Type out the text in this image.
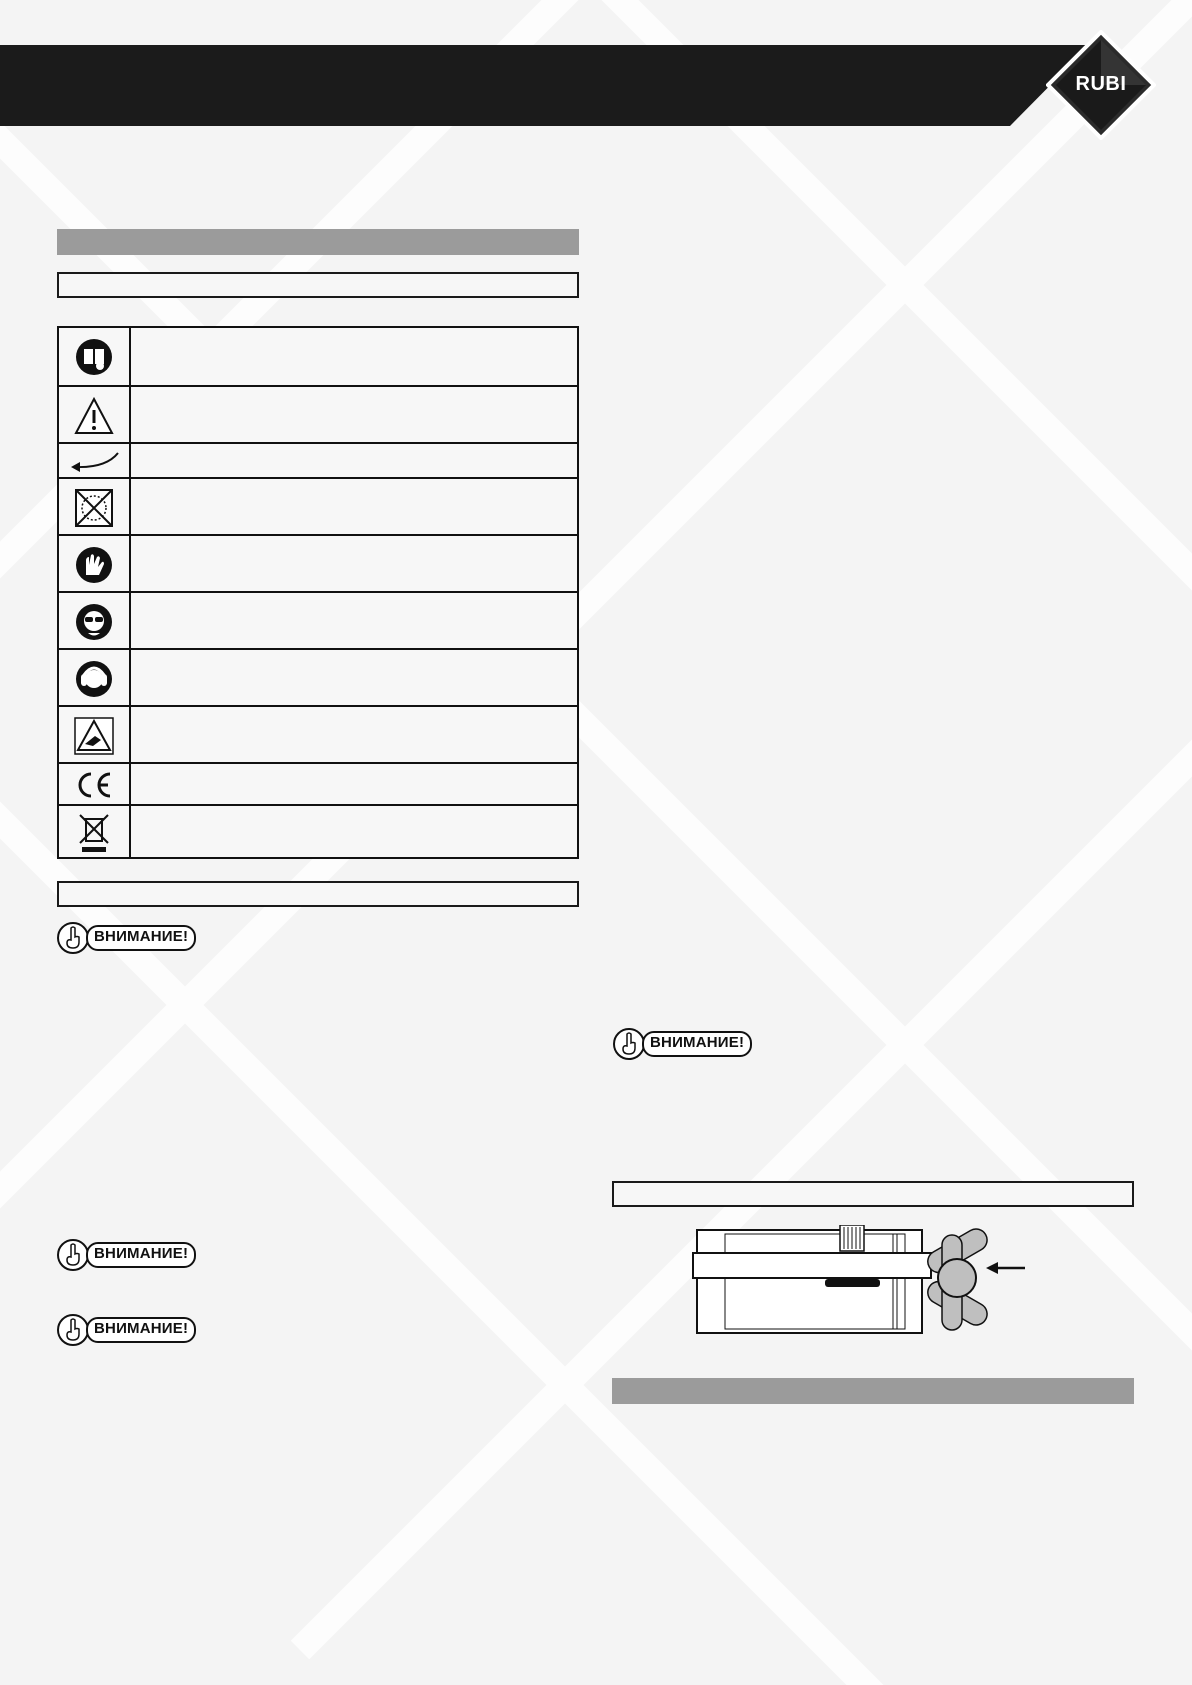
RUBI
ВНИМАНИЕ!
ВНИМАНИЕ!
ВНИМАНИЕ!
ВНИМАНИЕ!
